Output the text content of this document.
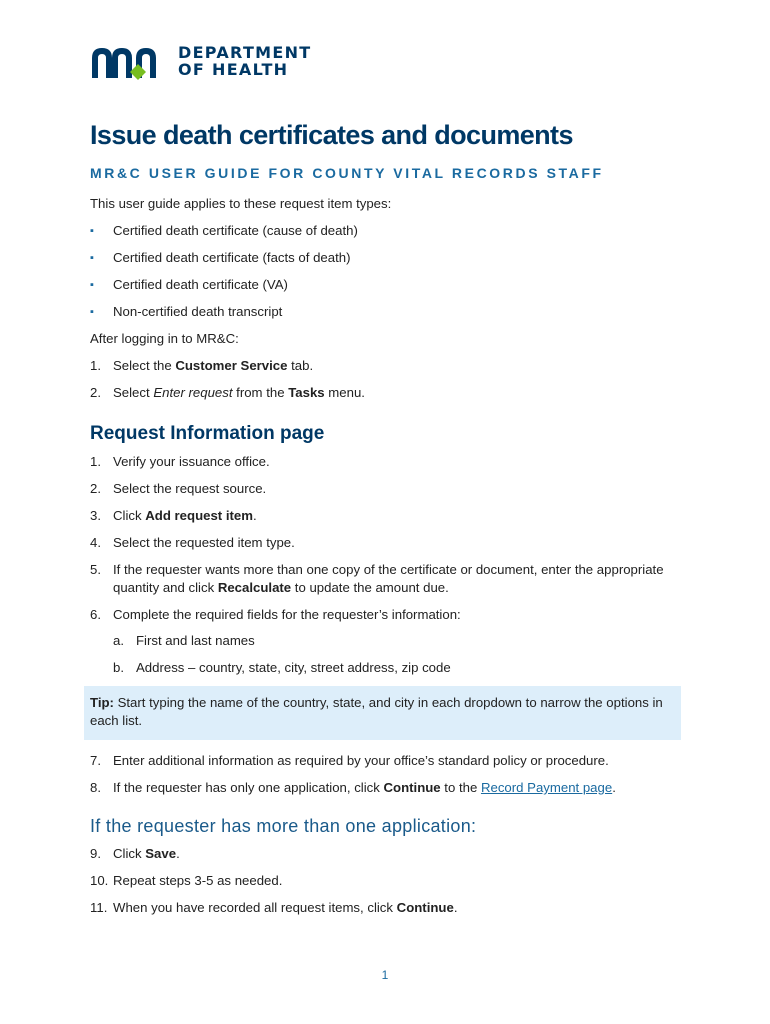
DEPARTMENT
OF HEALTH
Issue death certificates and documents
MR&C USER GUIDE FOR COUNTY VITAL RECORDS STAFF

This user guide applies to these request item types:

▪ Certified death certificate (cause of death)
▪ Certified death certificate (facts of death)
▪ Certified death certificate (VA)
▪ Non-certified death transcript

After logging in to MR&C:

1. Select the Customer Service tab.
2. Select Enter request from the Tasks menu.
Request Information page
1. Verify your issuance office.
2. Select the request source.
3. Click Add request item.
4. Select the requested item type.
5. If the requester wants more than one copy of the certificate or document, enter the appropriate quantity and click Recalculate to update the amount due.
6. Complete the required fields for the requester’s information:
a. First and last names
b. Address – country, state, city, street address, zip code
Tip: Start typing the name of the country, state, and city in each dropdown to narrow the options in each list.
7. Enter additional information as required by your office’s standard policy or procedure.
8. If the requester has only one application, click Continue to the Record Payment page.
If the requester has more than one application:
9. Click Save.
10. Repeat steps 3-5 as needed.
11. When you have recorded all request items, click Continue.
1
